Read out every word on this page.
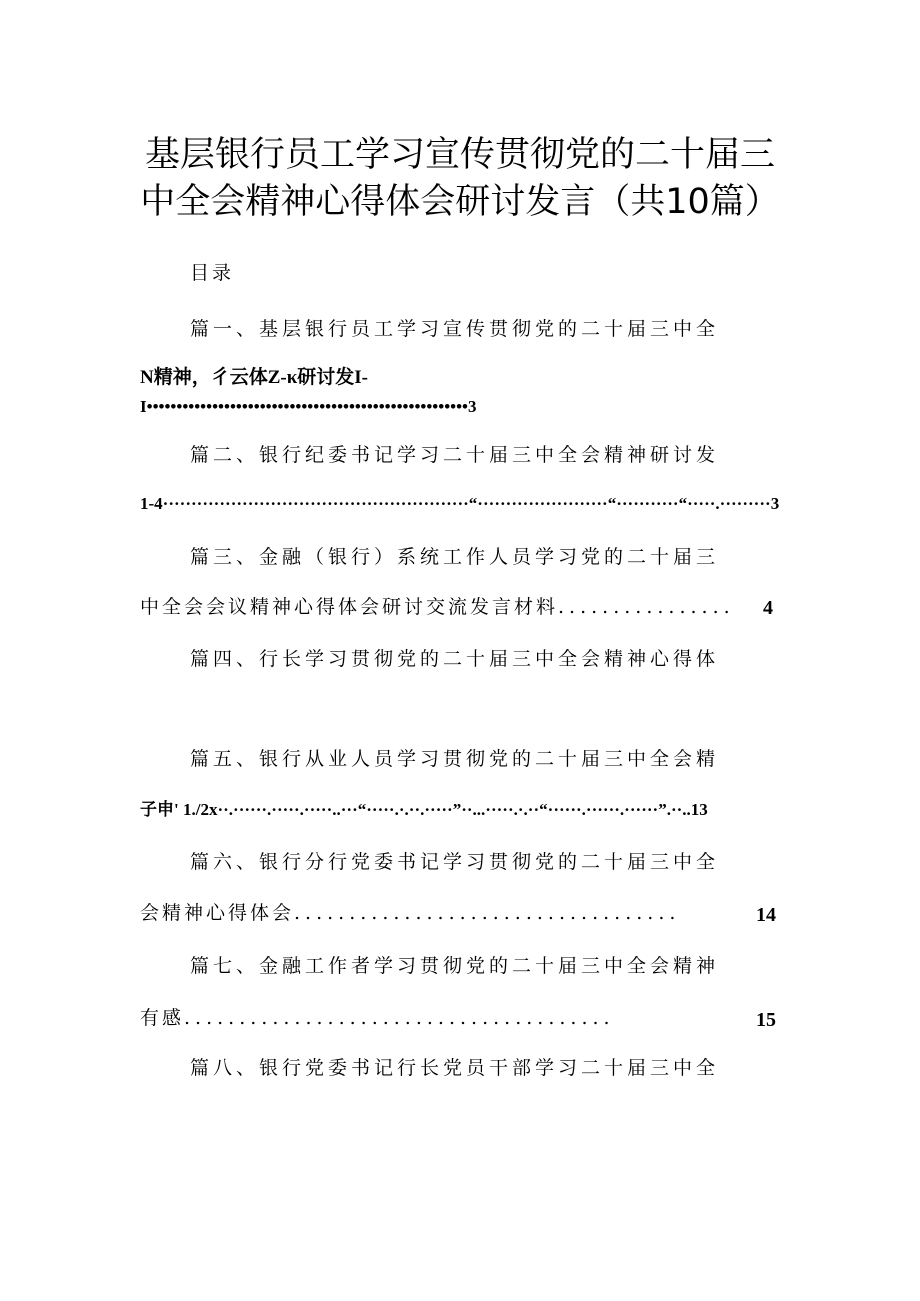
基层银行员工学习宣传贯彻党的二十届三
中全会精神心得体会研讨发言（共10篇）
目录
篇一、基层银行员工学习宣传贯彻党的二十届三中全
N精神，彳云体Z-κ研讨发I-
I••••••••••••••••••••••••••••••••••••••••••••••••••••••3
篇二、银行纪委书记学习二十届三中全会精神研讨发
1-4······················································“·······················“···········“·····.·········3
篇三、金融（银行）系统工作人员学习党的二十届三
中全会会议精神心得体会研讨交流发言材料................ 4
篇四、行长学习贯彻党的二十届三中全会精神心得体
篇五、银行从业人员学习贯彻党的二十届三中全会精
子申' 1./2x··.······.·····.·····..···“·····.·.··.·····”··...·····.·.··“······.······.······”.··..13
篇六、银行分行党委书记学习贯彻党的二十届三中全
会精神心得体会...................................	14
篇七、金融工作者学习贯彻党的二十届三中全会精神
有感.......................................	15
篇八、银行党委书记行长党员干部学习二十届三中全
